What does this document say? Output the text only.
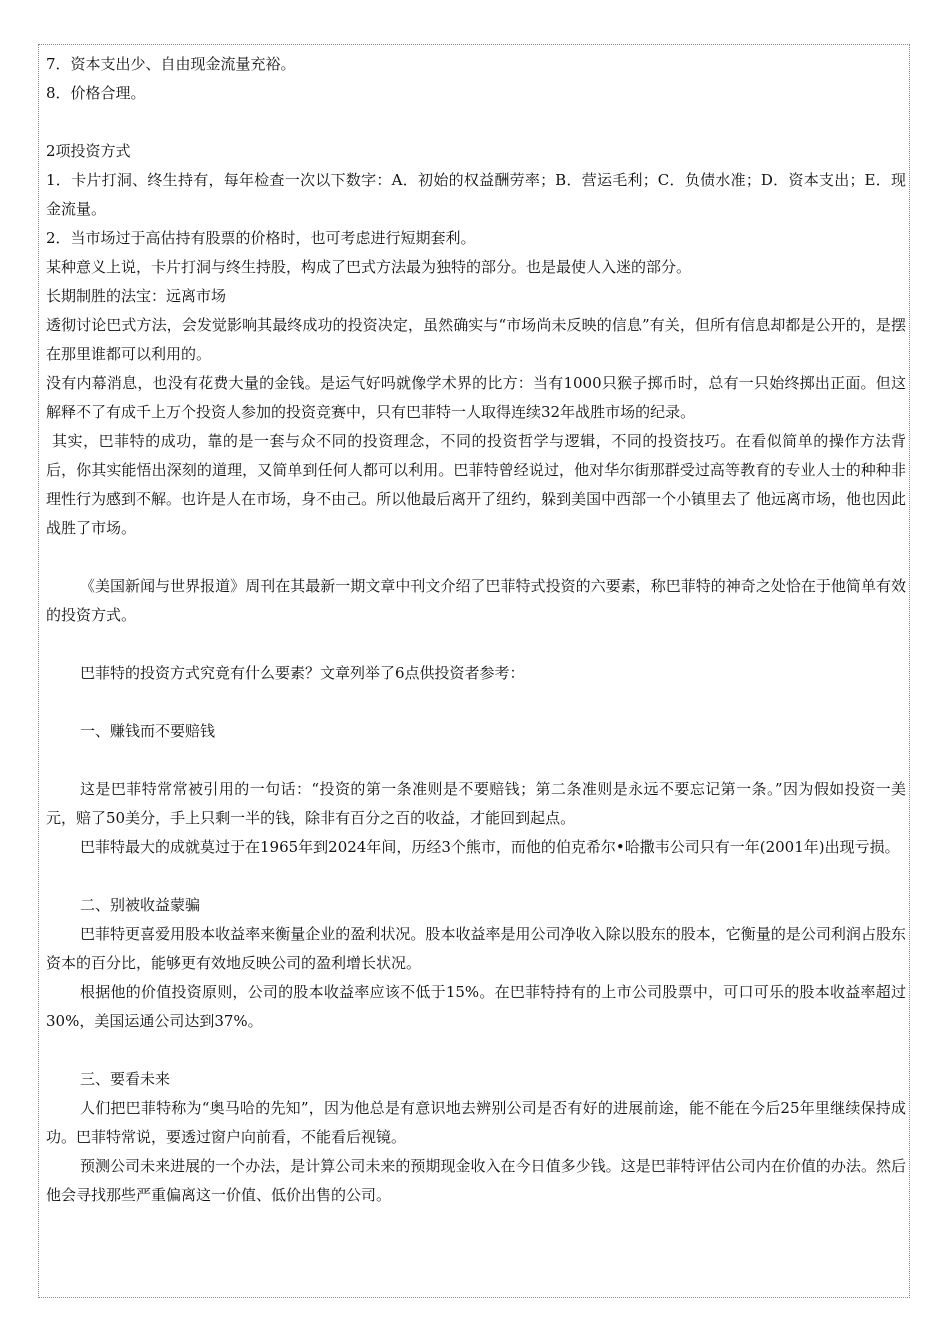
7．资本支出少、自由现金流量充裕。

8．价格合理。

2项投资方式

1．卡片打洞、终生持有，每年检查一次以下数字：A．初始的权益酬劳率；B．营运毛利；C．负债水准；D．资本支出；E．现金流量。

2．当市场过于高估持有股票的价格时，也可考虑进行短期套利。

某种意义上说，卡片打洞与终生持股，构成了巴式方法最为独特的部分。也是最使人入迷的部分。

长期制胜的法宝：远离市场

透彻讨论巴式方法，会发觉影响其最终成功的投资决定，虽然确实与“市场尚未反映的信息”有关，但所有信息却都是公开的，是摆在那里谁都可以利用的。

没有内幕消息，也没有花费大量的金钱。是运气好吗就像学术界的比方：当有1000只猴子掷币时，总有一只始终掷出正面。但这解释不了有成千上万个投资人参加的投资竞赛中，只有巴菲特一人取得连续32年战胜市场的纪录。

其实，巴菲特的成功，靠的是一套与众不同的投资理念，不同的投资哲学与逻辑，不同的投资技巧。在看似简单的操作方法背后，你其实能悟出深刻的道理，又简单到任何人都可以利用。巴菲特曾经说过，他对华尔街那群受过高等教育的专业人士的种种非理性行为感到不解。也许是人在市场，身不由己。所以他最后离开了纽约，躲到美国中西部一个小镇里去了 他远离市场，他也因此战胜了市场。

《美国新闻与世界报道》周刊在其最新一期文章中刊文介绍了巴菲特式投资的六要素，称巴菲特的神奇之处恰在于他简单有效的投资方式。

巴菲特的投资方式究竟有什么要素？文章列举了6点供投资者参考：

一、赚钱而不要赔钱

这是巴菲特常常被引用的一句话：“投资的第一条准则是不要赔钱；第二条准则是永远不要忘记第一条。”因为假如投资一美元，赔了50美分，手上只剩一半的钱，除非有百分之百的收益，才能回到起点。

巴菲特最大的成就莫过于在1965年到2024年间，历经3个熊市，而他的伯克希尔•哈撒韦公司只有一年(2001年)出现亏损。

二、别被收益蒙骗

巴菲特更喜爱用股本收益率来衡量企业的盈利状况。股本收益率是用公司净收入除以股东的股本，它衡量的是公司利润占股东资本的百分比，能够更有效地反映公司的盈利增长状况。

根据他的价值投资原则，公司的股本收益率应该不低于15%。在巴菲特持有的上市公司股票中，可口可乐的股本收益率超过30%，美国运通公司达到37%。

三、要看未来

人们把巴菲特称为“奥马哈的先知”，因为他总是有意识地去辨别公司是否有好的进展前途，能不能在今后25年里继续保持成功。巴菲特常说，要透过窗户向前看，不能看后视镜。

预测公司未来进展的一个办法，是计算公司未来的预期现金收入在今日值多少钱。这是巴菲特评估公司内在价值的办法。然后他会寻找那些严重偏离这一价值、低价出售的公司。
